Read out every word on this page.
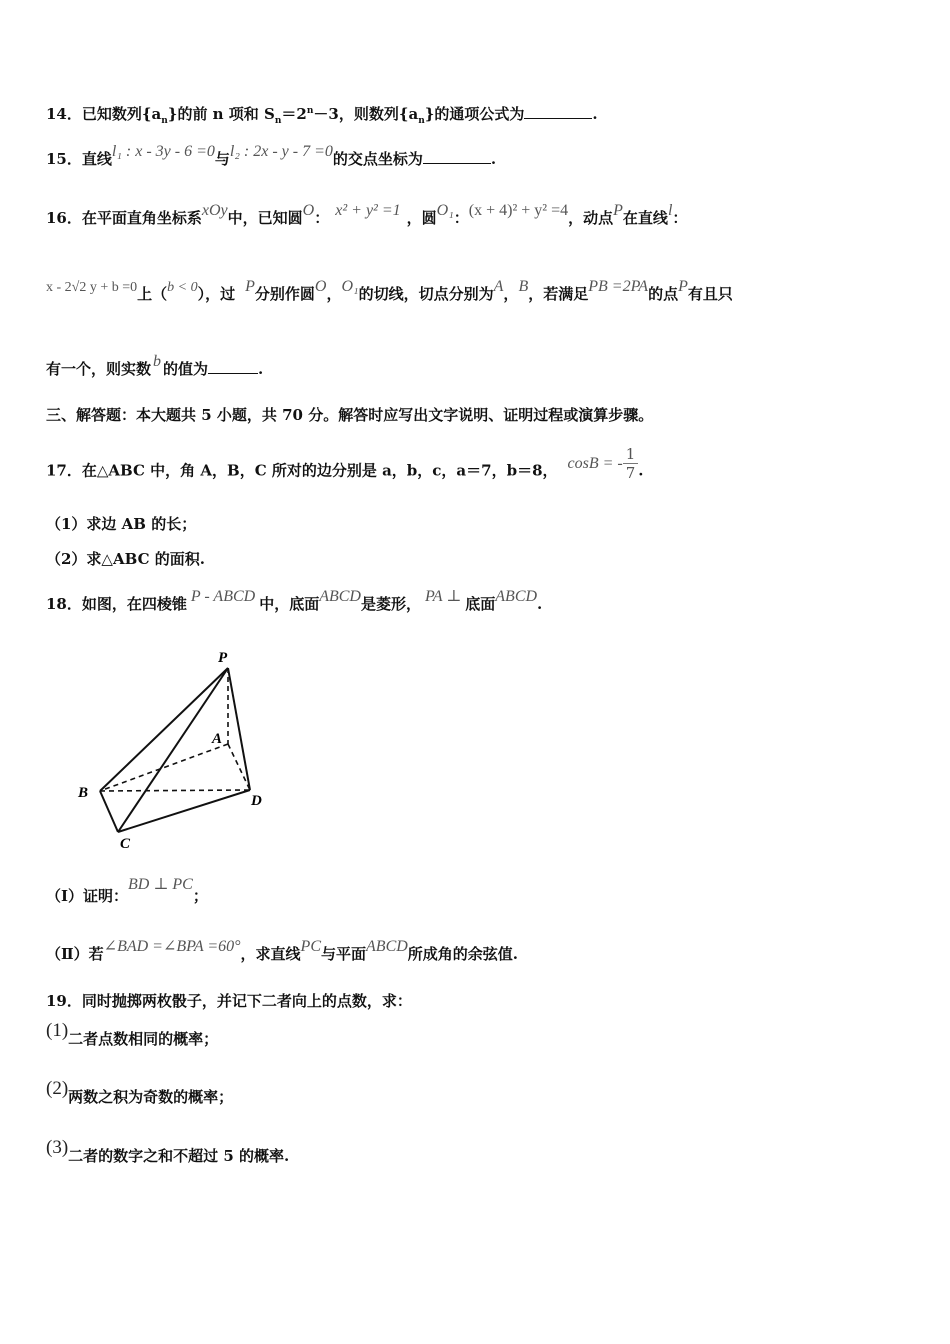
14．已知数列$\{a_n\}$的前 n 项和 $S_n=2^n-3$，则数列$\{a_n\}$的通项公式为	.
15．直线l₁ : x - 3y - 6 =0与l₂ : 2x - y - 7 =0的交点坐标为	.
16．在平面直角坐标系xOy中，已知圆O： x² + y² =1 ，圆O₁：(x + 4)² + y² =4，动点P在直线l：
x - 2√2 y + b =0上（b < 0），过 P分别作圆O，O₁的切线，切点分别为A，B，若满足PB =2PA的点P有且只
有一个，则实数 b 的值为	.
三、解答题：本大题共 5 小题，共 70 分。解答时应写出文字说明、证明过程或演算步骤。
17．在△ABC 中，角 A，B，C 所对的边分别是 a，b，c，a＝7，b＝8， cosB = - $\frac{1}{7}$ .
（1）求边 AB 的长；
（2）求△ABC 的面积.
18．如图，在四棱锥 P - ABCD 中，底面ABCD是菱形， PA ⊥ 底面ABCD.
P
A
B
C
D
（Ⅰ）证明：BD ⊥ PC；
（Ⅱ）若∠BAD =∠BPA =60°，求直线PC与平面ABCD所成角的余弦值.
19．同时抛掷两枚骰子，并记下二者向上的点数，求：
(1)二者点数相同的概率；
(2)两数之积为奇数的概率；
(3)二者的数字之和不超过 5 的概率.
